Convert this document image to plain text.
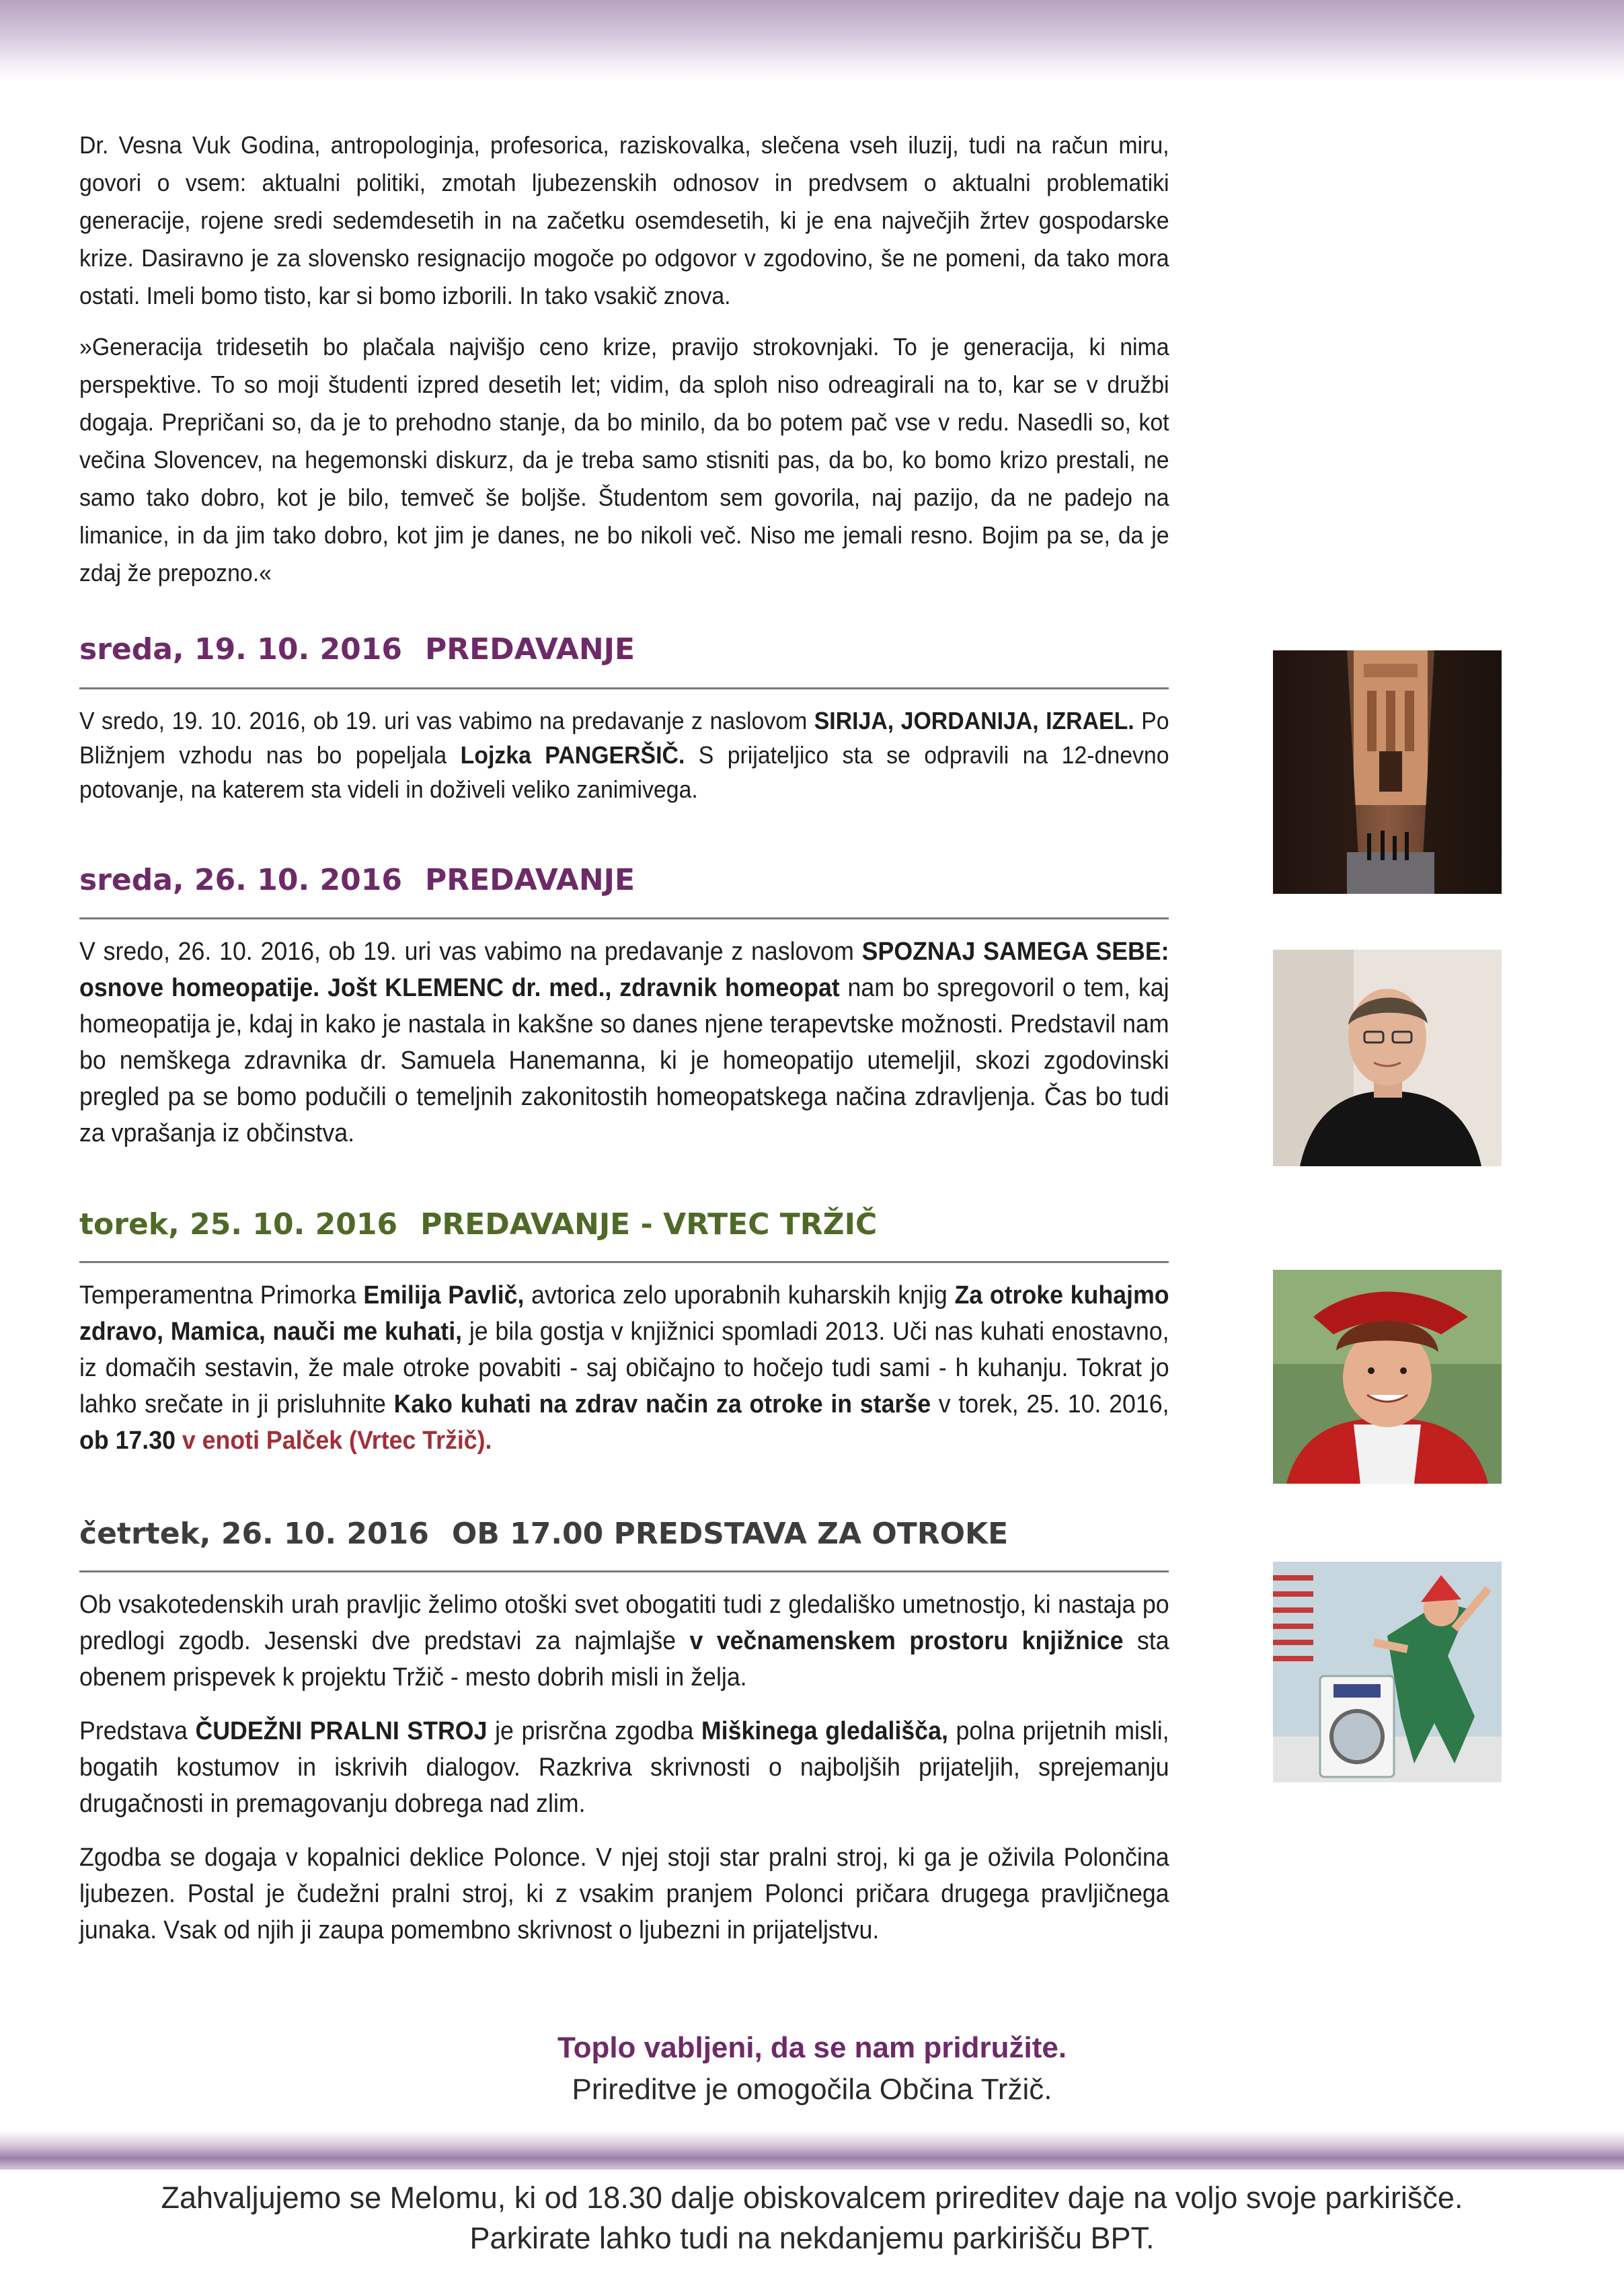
Dr. Vesna Vuk Godina, antropologinja, profesorica, raziskovalka, slečena vseh iluzij, tudi na račun miru, govori o vsem: aktualni politiki, zmotah ljubezenskih odnosov in predvsem o aktualni problematiki generacije, rojene sredi sedemdesetih in na začetku osemdesetih, ki je ena največjih žrtev gospodarske krize. Dasiravno je za slovensko resignacijo mogoče po odgovor v zgodovino, še ne pomeni, da tako mora ostati. Imeli bomo tisto, kar si bomo izborili. In tako vsakič znova.

»Generacija tridesetih bo plačala najvišjo ceno krize, pravijo strokovnjaki. To je generacija, ki nima perspektive. To so moji študenti izpred desetih let; vidim, da sploh niso odreagirali na to, kar se v družbi dogaja. Prepričani so, da je to prehodno stanje, da bo minilo, da bo potem pač vse v redu. Nasedli so, kot večina Slovencev, na hegemonski diskurz, da je treba samo stisniti pas, da bo, ko bomo krizo prestali, ne samo tako dobro, kot je bilo, temveč še boljše. Študentom sem govorila, naj pazijo, da ne padejo na limanice, in da jim tako dobro, kot jim je danes, ne bo nikoli več. Niso me jemali resno. Bojim pa se, da je zdaj že prepozno.«

sreda, 19. 10. 2016 PREDAVANJE

V sredo, 19. 10. 2016, ob 19. uri vas vabimo na predavanje z naslovom SIRIJA, JORDANIJA, IZRAEL. Po Bližnjem vzhodu nas bo popeljala Lojzka PANGERŠIČ. S prijateljico sta se odpravili na 12-dnevno potovanje, na katerem sta videli in doživeli veliko zanimivega.

sreda, 26. 10. 2016 PREDAVANJE

V sredo, 26. 10. 2016, ob 19. uri vas vabimo na predavanje z naslovom SPOZNAJ SAMEGA SEBE: osnove homeopatije. Jošt KLEMENC dr. med., zdravnik homeopat nam bo spregovoril o tem, kaj homeopatija je, kdaj in kako je nastala in kakšne so danes njene terapevtske možnosti. Predstavil nam bo nemškega zdravnika dr. Samuela Hanemanna, ki je homeopatijo utemeljil, skozi zgodovinski pregled pa se bomo podučili o temeljnih zakonitostih homeopatskega načina zdravljenja. Čas bo tudi za vprašanja iz občinstva.

torek, 25. 10. 2016 PREDAVANJE - VRTEC TRŽIČ

Temperamentna Primorka Emilija Pavlič, avtorica zelo uporabnih kuharskih knjig Za otroke kuhajmo zdravo, Mamica, nauči me kuhati, je bila gostja v knjižnici spomladi 2013. Uči nas kuhati enostavno, iz domačih sestavin, že male otroke povabiti - saj običajno to hočejo tudi sami - h kuhanju. Tokrat jo lahko srečate in ji prisluhnite Kako kuhati na zdrav način za otroke in starše v torek, 25. 10. 2016, ob 17.30 v enoti Palček (Vrtec Tržič).

četrtek, 26. 10. 2016 OB 17.00 PREDSTAVA ZA OTROKE

Ob vsakotedenskih urah pravljic želimo otoški svet obogatiti tudi z gledališko umetnostjo, ki nastaja po predlogi zgodb. Jesenski dve predstavi za najmlajše v večnamenskem prostoru knjižnice sta obenem prispevek k projektu Tržič - mesto dobrih misli in želja.

Predstava ČUDEŽNI PRALNI STROJ je prisrčna zgodba Miškinega gledališča, polna prijetnih misli, bogatih kostumov in iskrivih dialogov. Razkriva skrivnosti o najboljših prijateljih, sprejemanju drugačnosti in premagovanju dobrega nad zlim.

Zgodba se dogaja v kopalnici deklice Polonce. V njej stoji star pralni stroj, ki ga je oživila Polončina ljubezen. Postal je čudežni pralni stroj, ki z vsakim pranjem Polonci pričara drugega pravljičnega junaka. Vsak od njih ji zaupa pomembno skrivnost o ljubezni in prijateljstvu.

Toplo vabljeni, da se nam pridružite.
Prireditve je omogočila Občina Tržič.
Zahvaljujemo se Melomu, ki od 18.30 dalje obiskovalcem prireditev daje na voljo svoje parkirišče.
Parkirate lahko tudi na nekdanjemu parkirišču BPT.
